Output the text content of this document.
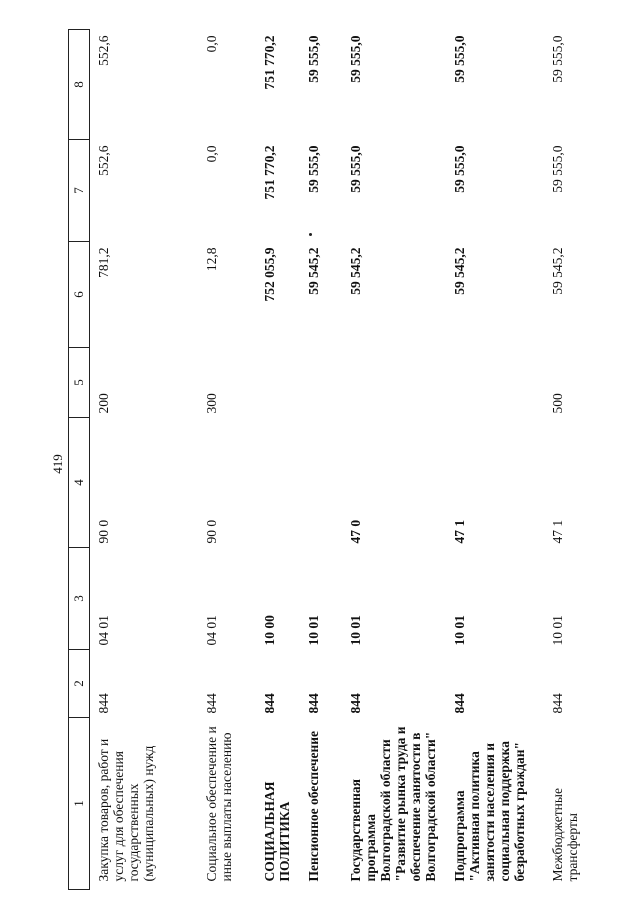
419
1	2	3	4	5	6	7	8
Закупка товаров, работ и услуг для обеспечения государственных (муниципальных) нужд	844	04 01	90 0	200	781,2	552,6	552,6
Социальное обеспечение и иные выплаты населению	844	04 01	90 0	300	12,8	0,0	0,0
СОЦИАЛЬНАЯ ПОЛИТИКА	844	10 00			752 055,9	751 770,2	751 770,2
Пенсионное обеспечение	844	10 01			59 545,2	59 555,0	59 555,0
Государственная программа Волгоградской области "Развитие рынка труда и обеспечение занятости в Волгоградской области"	844	10 01	47 0		59 545,2	59 555,0	59 555,0
Подпрограмма "Активная политика занятости населения и социальная поддержка безработных граждан"	844	10 01	47 1		59 545,2	59 555,0	59 555,0
Межбюджетные трансферты	844	10 01	47 1	500	59 545,2	59 555,0	59 555,0
